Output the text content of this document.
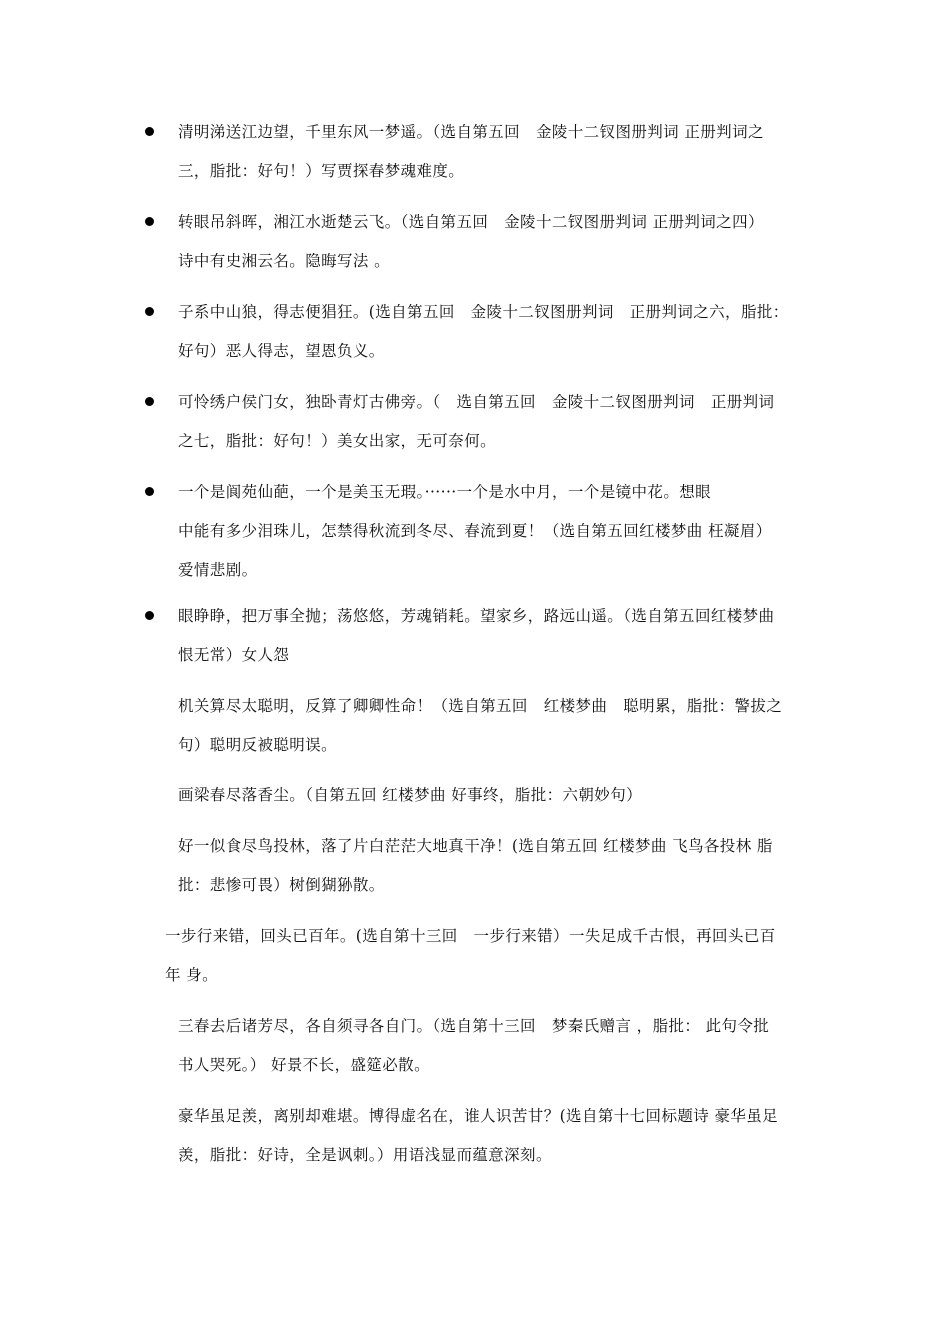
清明涕送江边望，千里东风一梦遥。（选自第五回　金陵十二钗图册判词 正册判词之
三，脂批：好句！）写贾探春梦魂难度。
转眼吊斜晖，湘江水逝楚云飞。（选自第五回　金陵十二钗图册判词 正册判词之四）
诗中有史湘云名。隐晦写法 。
子系中山狼，得志便猖狂。(选自第五回　金陵十二钗图册判词　正册判词之六，脂批：
好句）恶人得志，望恩负义。
可怜绣户侯门女，独卧青灯古佛旁。（　选自第五回　金陵十二钗图册判词　正册判词
之七，脂批：好句！）美女出家，无可奈何。
一个是阆苑仙葩，一个是美玉无瑕。······一个是水中月，一个是镜中花。想眼
中能有多少泪珠儿，怎禁得秋流到冬尽、春流到夏！（选自第五回红楼梦曲 枉凝眉）
爱情悲剧。
眼睁睁，把万事全抛；荡悠悠，芳魂销耗。望家乡，路远山遥。（选自第五回红楼梦曲
恨无常）女人怨
机关算尽太聪明，反算了卿卿性命！（选自第五回　红楼梦曲　聪明累，脂批：警拔之
句）聪明反被聪明误。
画梁春尽落香尘。（自第五回 红楼梦曲 好事终，脂批：六朝妙句）
好一似食尽鸟投林，落了片白茫茫大地真干净！(选自第五回 红楼梦曲 飞鸟各投林 脂
批：悲惨可畏）树倒猢狲散。
一步行来错，回头已百年。(选自第十三回　一步行来错）一失足成千古恨，再回头已百
年 身。
三春去后诸芳尽，各自须寻各自门。（选自第十三回　梦秦氏赠言 ，脂批： 此句令批
书人哭死。） 好景不长，盛筵必散。
豪华虽足羡，离别却难堪。博得虚名在，谁人识苦甘？(选自第十七回标题诗 豪华虽足
羡，脂批：好诗，全是讽刺。）用语浅显而蕴意深刻。
